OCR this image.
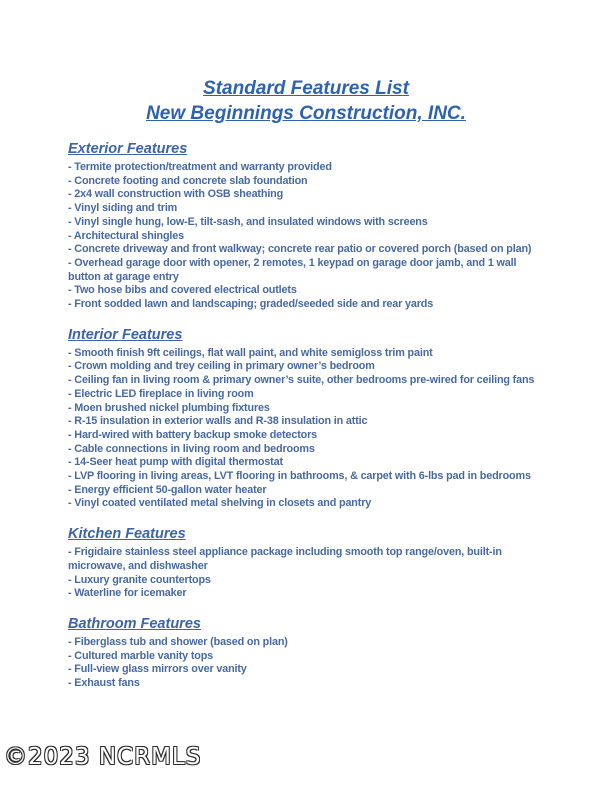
Standard Features List
New Beginnings Construction, INC.
Exterior Features
- Termite protection/treatment and warranty provided
- Concrete footing and concrete slab foundation
- 2x4 wall construction with OSB sheathing
- Vinyl siding and trim
- Vinyl single hung, low-E, tilt-sash, and insulated windows with screens
- Architectural shingles
- Concrete driveway and front walkway; concrete rear patio or covered porch (based on plan)
- Overhead garage door with opener, 2 remotes, 1 keypad on garage door jamb, and 1 wall
button at garage entry
- Two hose bibs and covered electrical outlets
- Front sodded lawn and landscaping; graded/seeded side and rear yards
Interior Features
- Smooth finish 9ft ceilings, flat wall paint, and white semigloss trim paint
- Crown molding and trey ceiling in primary owner’s bedroom
- Ceiling fan in living room & primary owner’s suite, other bedrooms pre-wired for ceiling fans
- Electric LED fireplace in living room
- Moen brushed nickel plumbing fixtures
- R-15 insulation in exterior walls and R-38 insulation in attic
- Hard-wired with battery backup smoke detectors
- Cable connections in living room and bedrooms
- 14-Seer heat pump with digital thermostat
- LVP flooring in living areas, LVT flooring in bathrooms, & carpet with 6-lbs pad in bedrooms
- Energy efficient 50-gallon water heater
- Vinyl coated ventilated metal shelving in closets and pantry
Kitchen Features
- Frigidaire stainless steel appliance package including smooth top range/oven, built-in
microwave, and dishwasher
- Luxury granite countertops
- Waterline for icemaker
Bathroom Features
- Fiberglass tub and shower (based on plan)
- Cultured marble vanity tops
- Full-view glass mirrors over vanity
- Exhaust fans
©2023 NCRMLS
